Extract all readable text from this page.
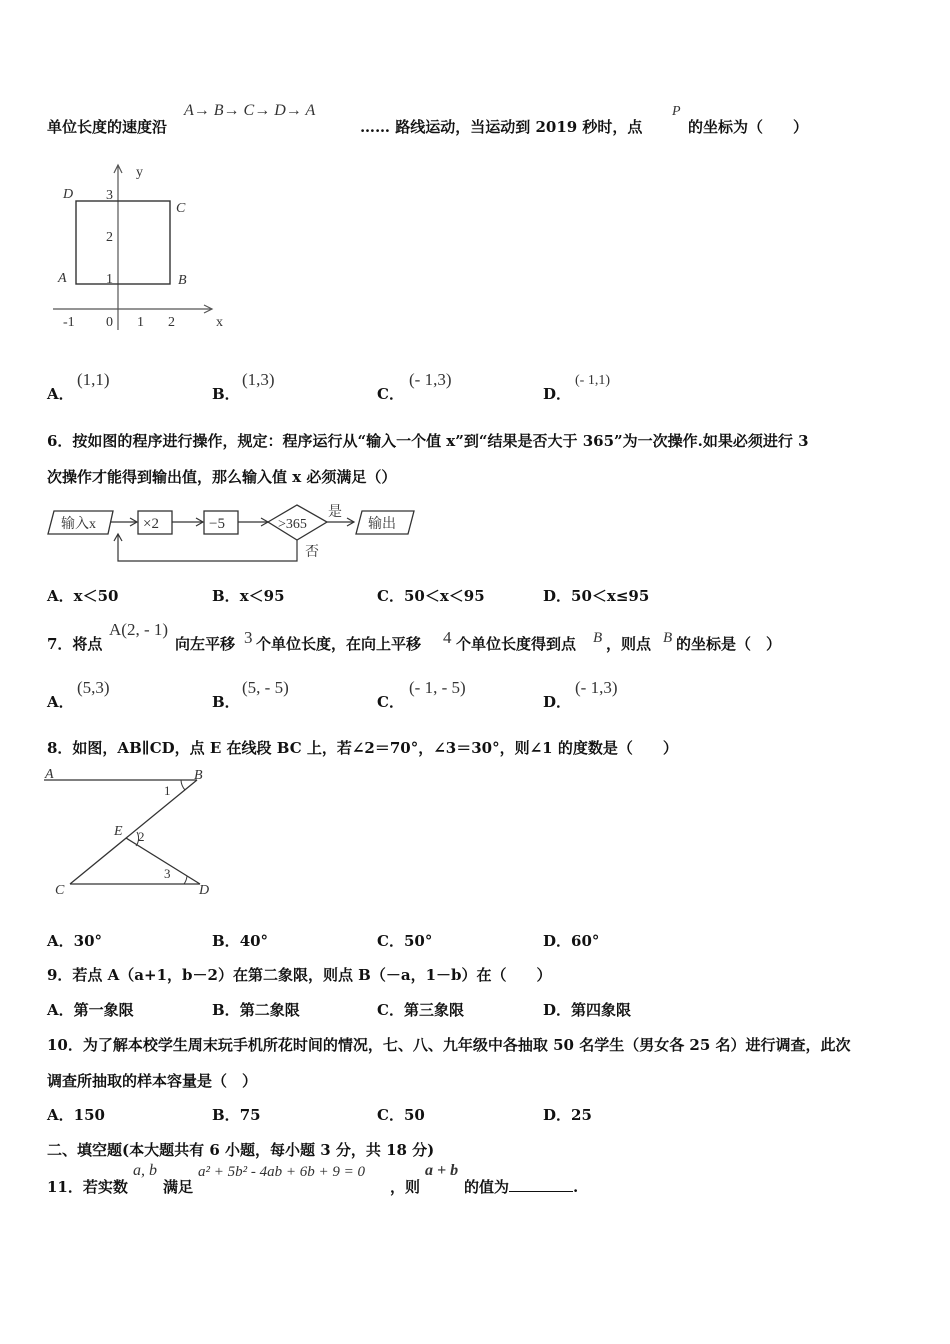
单位长度的速度沿
A→ B→ C→ D→ A
…… 路线运动，当运动到 2019 秒时，点
P
的坐标为（　　）
y
x
3
2
1
-1 0 1 2
D
C
A	B
A．
(1,1)
B．
(1,3)
C．
(- 1,3)
D．
(- 1,1)
6．按如图的程序进行操作，规定：程序运行从“输入一个值 x”到“结果是否大于 365”为一次操作.如果必须进行 3
次操作才能得到输出值，那么输入值 x 必须满足（）
输入x	×2	−5	>365
是
输出
否
A．x＜50	B．x＜95	C．50＜x＜95	D．50＜x≤95
7．将点
A(2, - 1)
向左平移 3 个单位长度，在向上平移 4 个单位长度得到点 B ，则点 B 的坐标是（　）
A．
(5,3)
B．
(5, - 5)
C．
(- 1, - 5)
D．
(- 1,3)
8．如图，AB∥CD，点 E 在线段 BC 上，若∠2＝70°，∠3＝30°，则∠1 的度数是（　　）
A	B
C	D
E
1
2
3
A．30°	B．40°	C．50°	D．60°
9．若点 A（a+1，b－2）在第二象限，则点 B（－a，1－b）在（　　）
A．第一象限	B．第二象限	C．第三象限	D．第四象限
10．为了解本校学生周末玩手机所花时间的情况，七、八、九年级中各抽取 50 名学生（男女各 25 名）进行调查，此次
调查所抽取的样本容量是（　）
A．150	B．75	C．50	D．25
二、填空题(本大题共有 6 小题，每小题 3 分，共 18 分)
11．若实数
a, b
满足
a² + 5b² - 4ab + 6b + 9 = 0
，则
a + b
的值为	.
